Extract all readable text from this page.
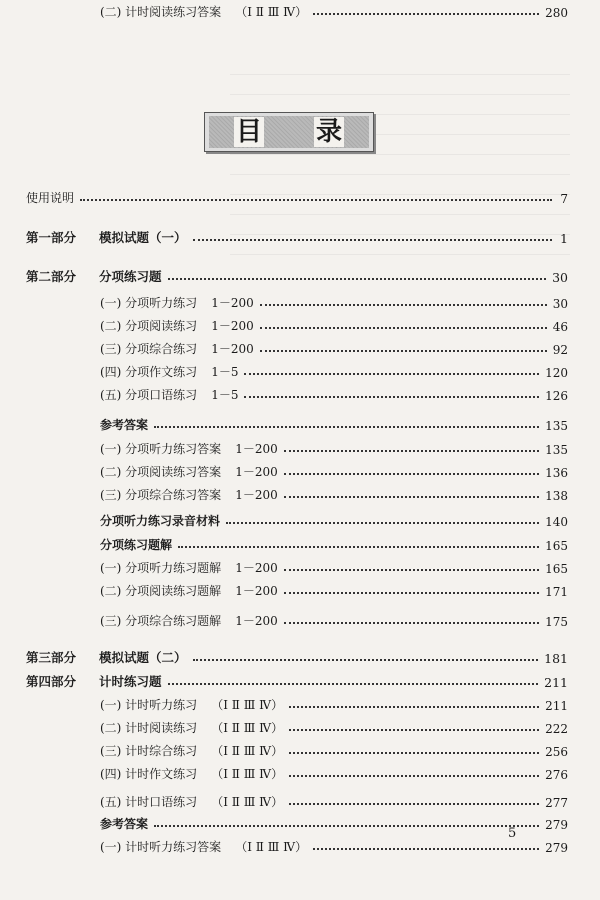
目 录
使用说明	7
第一部分	模拟试题（一）	1
第二部分	分项练习题	30
(一) 分项听力练习 1－200	30
(二) 分项阅读练习 1－200	46
(三) 分项综合练习 1－200	92
(四) 分项作文练习 1－5	120
(五) 分项口语练习 1－5	126
参考答案	135
(一) 分项听力练习答案 1－200	135
(二) 分项阅读练习答案 1－200	136
(三) 分项综合练习答案 1－200	138
分项听力练习录音材料	140
分项练习题解	165
(一) 分项听力练习题解 1－200	165
(二) 分项阅读练习题解 1－200	171
(三) 分项综合练习题解 1－200	175
第三部分	模拟试题（二）	181
第四部分	计时练习题	211
(一) 计时听力练习 （Ⅰ Ⅱ Ⅲ Ⅳ）	211
(二) 计时阅读练习 （Ⅰ Ⅱ Ⅲ Ⅳ）	222
(三) 计时综合练习 （Ⅰ Ⅱ Ⅲ Ⅳ）	256
(四) 计时作文练习 （Ⅰ Ⅱ Ⅲ Ⅳ）	276
(五) 计时口语练习 （Ⅰ Ⅱ Ⅲ Ⅳ）	277
参考答案	279
(一) 计时听力练习答案 （Ⅰ Ⅱ Ⅲ Ⅳ）	279
(二) 计时阅读练习答案 （Ⅰ Ⅱ Ⅲ Ⅳ）	280
5
